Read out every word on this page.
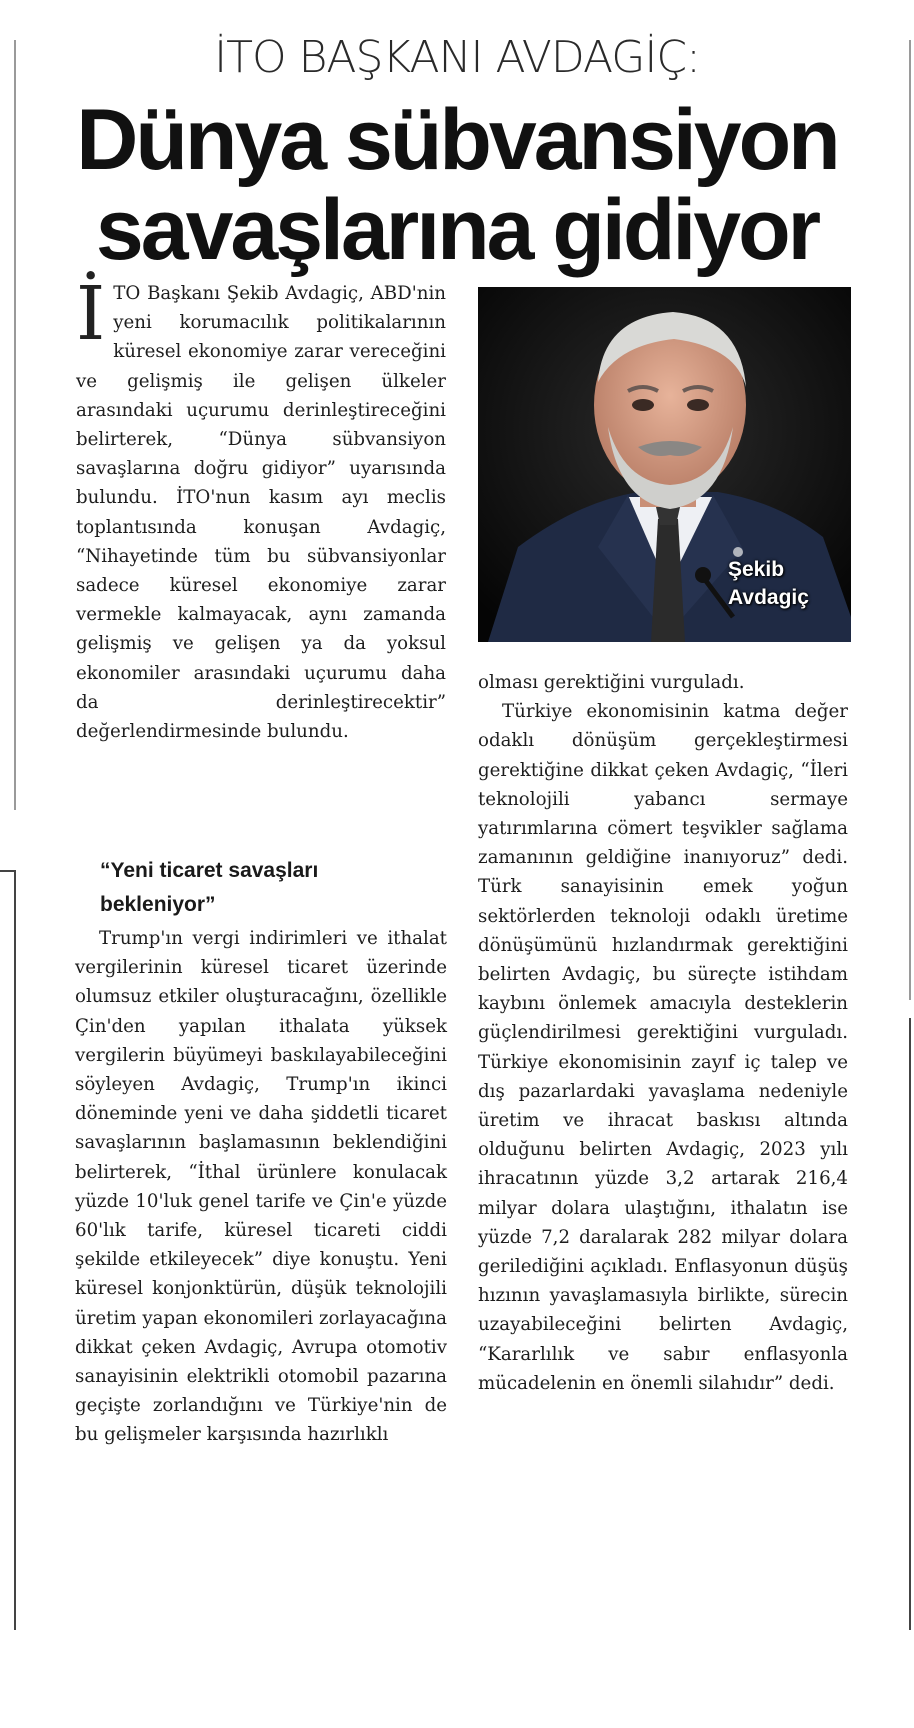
İTO BAŞKANI AVDAGİÇ:
Dünya sübvansiyon savaşlarına gidiyor

İTO Başkanı Şekib Avdagiç, ABD'nin yeni korumacılık politikalarının küresel ekonomiye zarar vereceğini ve gelişmiş ile gelişen ülkeler arasındaki uçurumu derinleştireceğini belirterek, “Dünya sübvansiyon savaşlarına doğru gidiyor” uyarısında bulundu. İTO'nun kasım ayı meclis toplantısında konuşan Avdagiç, “Nihayetinde tüm bu sübvansiyonlar sadece küresel ekonomiye zarar vermekle kalmayacak, aynı zamanda gelişmiş ve gelişen ya da yoksul ekonomiler arasındaki uçurumu daha da derinleştirecektir” değerlendirmesinde bulundu.

“Yeni ticaret savaşları bekleniyor”

Trump'ın vergi indirimleri ve ithalat vergilerinin küresel ticaret üzerinde olumsuz etkiler oluşturacağını, özellikle Çin'den yapılan ithalata yüksek vergilerin büyümeyi baskılayabileceğini söyleyen Avdagiç, Trump'ın ikinci döneminde yeni ve daha şiddetli ticaret savaşlarının başlamasının beklendiğini belirterek, “İthal ürünlere konulacak yüzde 10'luk genel tarife ve Çin'e yüzde 60'lık tarife, küresel ticareti ciddi şekilde etkileyecek” diye konuştu. Yeni küresel konjonktürün, düşük teknolojili üretim yapan ekonomileri zorlayacağına dikkat çeken Avdagiç, Avrupa otomotiv sanayisinin elektrikli otomobil pazarına geçişte zorlandığını ve Türkiye'nin de bu gelişmeler karşısında hazırlıklı

Şekib Avdagiç

olması gerektiğini vurguladı.

Türkiye ekonomisinin katma değer odaklı dönüşüm gerçekleştirmesi gerektiğine dikkat çeken Avdagiç, “İleri teknolojili yabancı sermaye yatırımlarına cömert teşvikler sağlama zamanının geldiğine inanıyoruz” dedi. Türk sanayisinin emek yoğun sektörlerden teknoloji odaklı üretime dönüşümünü hızlandırmak gerektiğini belirten Avdagiç, bu süreçte istihdam kaybını önlemek amacıyla desteklerin güçlendirilmesi gerektiğini vurguladı. Türkiye ekonomisinin zayıf iç talep ve dış pazarlardaki yavaşlama nedeniyle üretim ve ihracat baskısı altında olduğunu belirten Avdagiç, 2023 yılı ihracatının yüzde 3,2 artarak 216,4 milyar dolara ulaştığını, ithalatın ise yüzde 7,2 daralarak 282 milyar dolara gerilediğini açıkladı. Enflasyonun düşüş hızının yavaşlamasıyla birlikte, sürecin uzayabileceğini belirten Avdagiç, “Kararlılık ve sabır enflasyonla mücadelenin en önemli silahıdır” dedi.
